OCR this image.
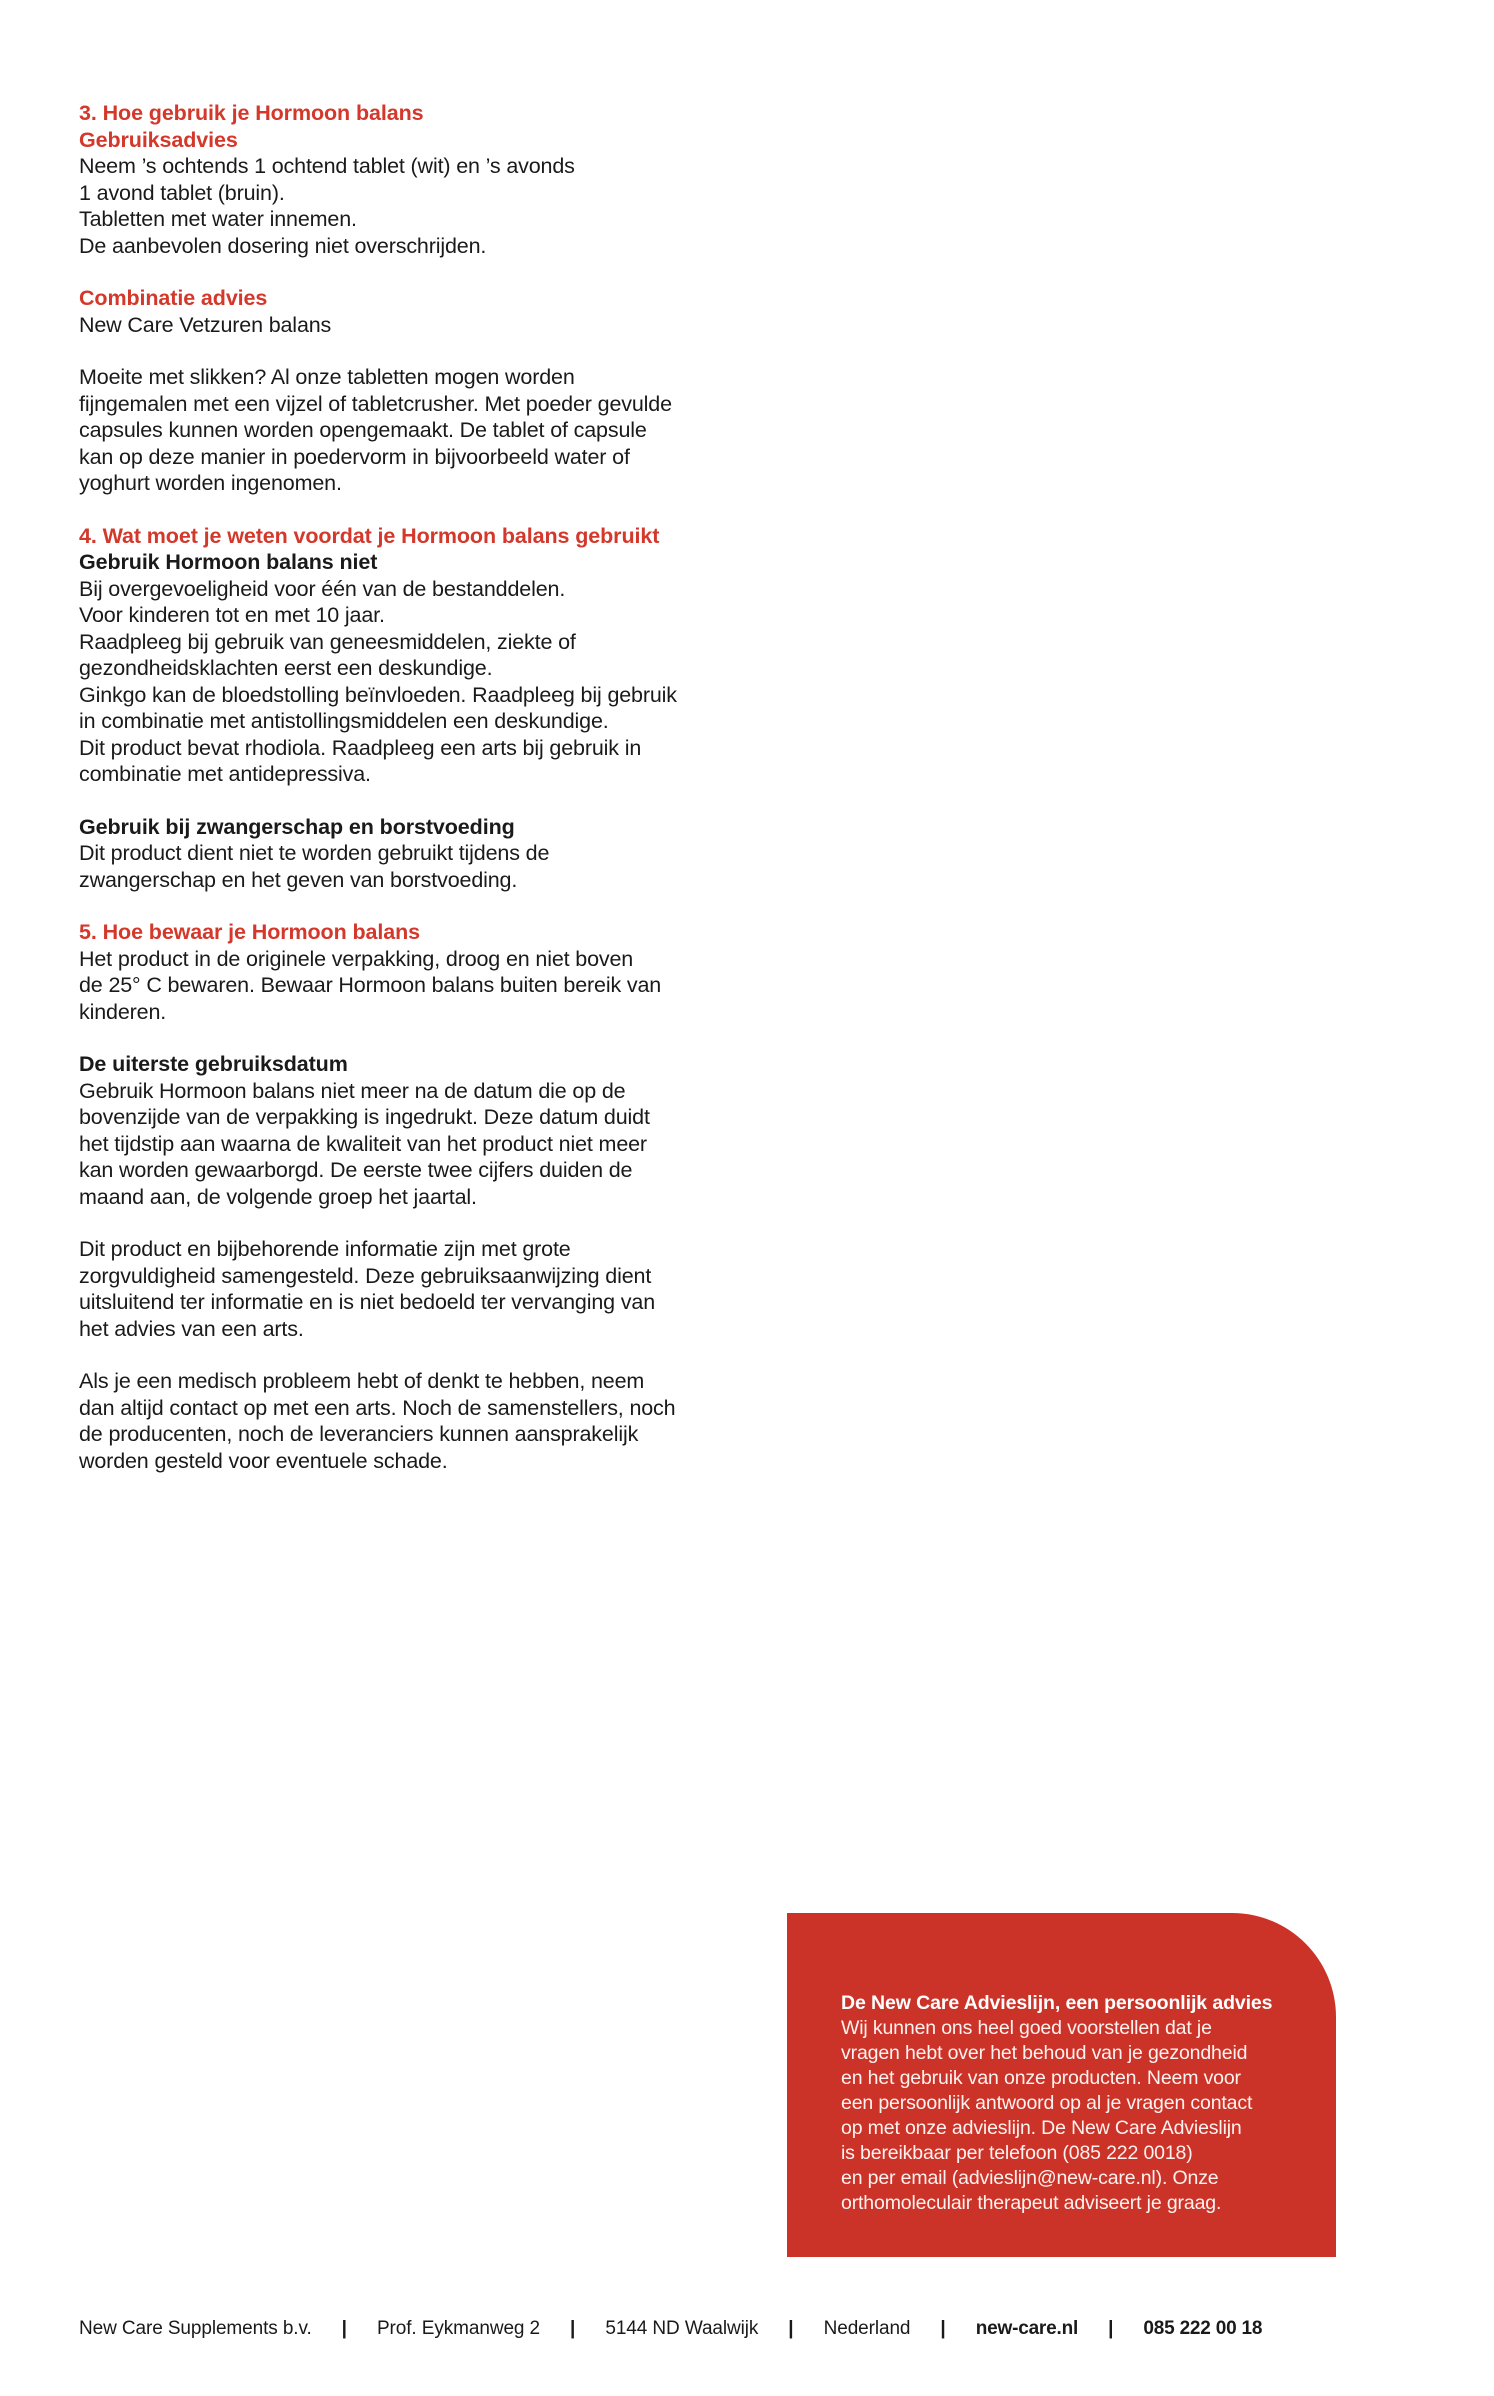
3. Hoe gebruik je Hormoon balans
Gebruiksadvies
Neem ’s ochtends 1 ochtend tablet (wit) en ’s avonds
1 avond tablet (bruin).
Tabletten met water innemen.
De aanbevolen dosering niet overschrijden.
Combinatie advies
New Care Vetzuren balans
Moeite met slikken? Al onze tabletten mogen worden
fijngemalen met een vijzel of tabletcrusher. Met poeder gevulde
capsules kunnen worden opengemaakt. De tablet of capsule
kan op deze manier in poedervorm in bijvoorbeeld water of
yoghurt worden ingenomen.
4. Wat moet je weten voordat je Hormoon balans gebruikt
Gebruik Hormoon balans niet
Bij overgevoeligheid voor één van de bestanddelen.
Voor kinderen tot en met 10 jaar.
Raadpleeg bij gebruik van geneesmiddelen, ziekte of
gezondheidsklachten eerst een deskundige.
Ginkgo kan de bloedstolling beïnvloeden. Raadpleeg bij gebruik
in combinatie met antistollingsmiddelen een deskundige.
Dit product bevat rhodiola. Raadpleeg een arts bij gebruik in
combinatie met antidepressiva.
Gebruik bij zwangerschap en borstvoeding
Dit product dient niet te worden gebruikt tijdens de
zwangerschap en het geven van borstvoeding.
5. Hoe bewaar je Hormoon balans
Het product in de originele verpakking, droog en niet boven
de 25° C bewaren. Bewaar Hormoon balans buiten bereik van
kinderen.
De uiterste gebruiksdatum
Gebruik Hormoon balans niet meer na de datum die op de
bovenzijde van de verpakking is ingedrukt. Deze datum duidt
het tijdstip aan waarna de kwaliteit van het product niet meer
kan worden gewaarborgd. De eerste twee cijfers duiden de
maand aan, de volgende groep het jaartal.
Dit product en bijbehorende informatie zijn met grote
zorgvuldigheid samengesteld. Deze gebruiksaanwijzing dient
uitsluitend ter informatie en is niet bedoeld ter vervanging van
het advies van een arts.
Als je een medisch probleem hebt of denkt te hebben, neem
dan altijd contact op met een arts. Noch de samenstellers, noch
de producenten, noch de leveranciers kunnen aansprakelijk
worden gesteld voor eventuele schade.
De New Care Advieslijn, een persoonlijk advies
Wij kunnen ons heel goed voorstellen dat je
vragen hebt over het behoud van je gezondheid
en het gebruik van onze producten. Neem voor
een persoonlijk antwoord op al je vragen contact
op met onze advieslijn. De New Care Advieslijn
is bereikbaar per telefoon (085 222 0018)
en per email (advieslijn@new-care.nl). Onze
orthomoleculair therapeut adviseert je graag.
New Care Supplements b.v.	|	Prof. Eykmanweg 2	|	5144 ND Waalwijk	|	Nederland	|	new-care.nl	|	085 222 00 18
